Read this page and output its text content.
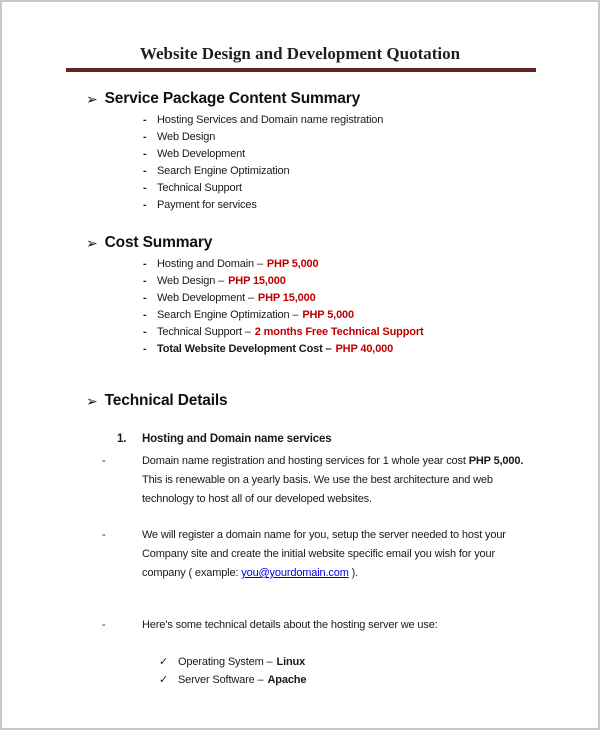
Website Design and Development Quotation
➢ Service Package Content Summary
- Hosting Services and Domain name registration
- Web Design
- Web Development
- Search Engine Optimization
- Technical Support
- Payment for services
➢ Cost Summary
- Hosting and Domain – PHP 5,000
- Web Design – PHP 15,000
- Web Development – PHP 15,000
- Search Engine Optimization – PHP 5,000
- Technical Support – 2 months Free Technical Support
- Total Website Development Cost – PHP 40,000
➢ Technical Details
1.	Hosting and Domain name services
-	Domain name registration and hosting services for 1 whole year cost PHP 5,000.
This is renewable on a yearly basis. We use the best architecture and web
technology to host all of our developed websites.
-	We will register a domain name for you, setup the server needed to host your
Company site and create the initial website specific email you wish for your
company ( example: you@yourdomain.com ).
-	Here’s some technical details about the hosting server we use:
✓ Operating System – Linux
✓ Server Software – Apache
